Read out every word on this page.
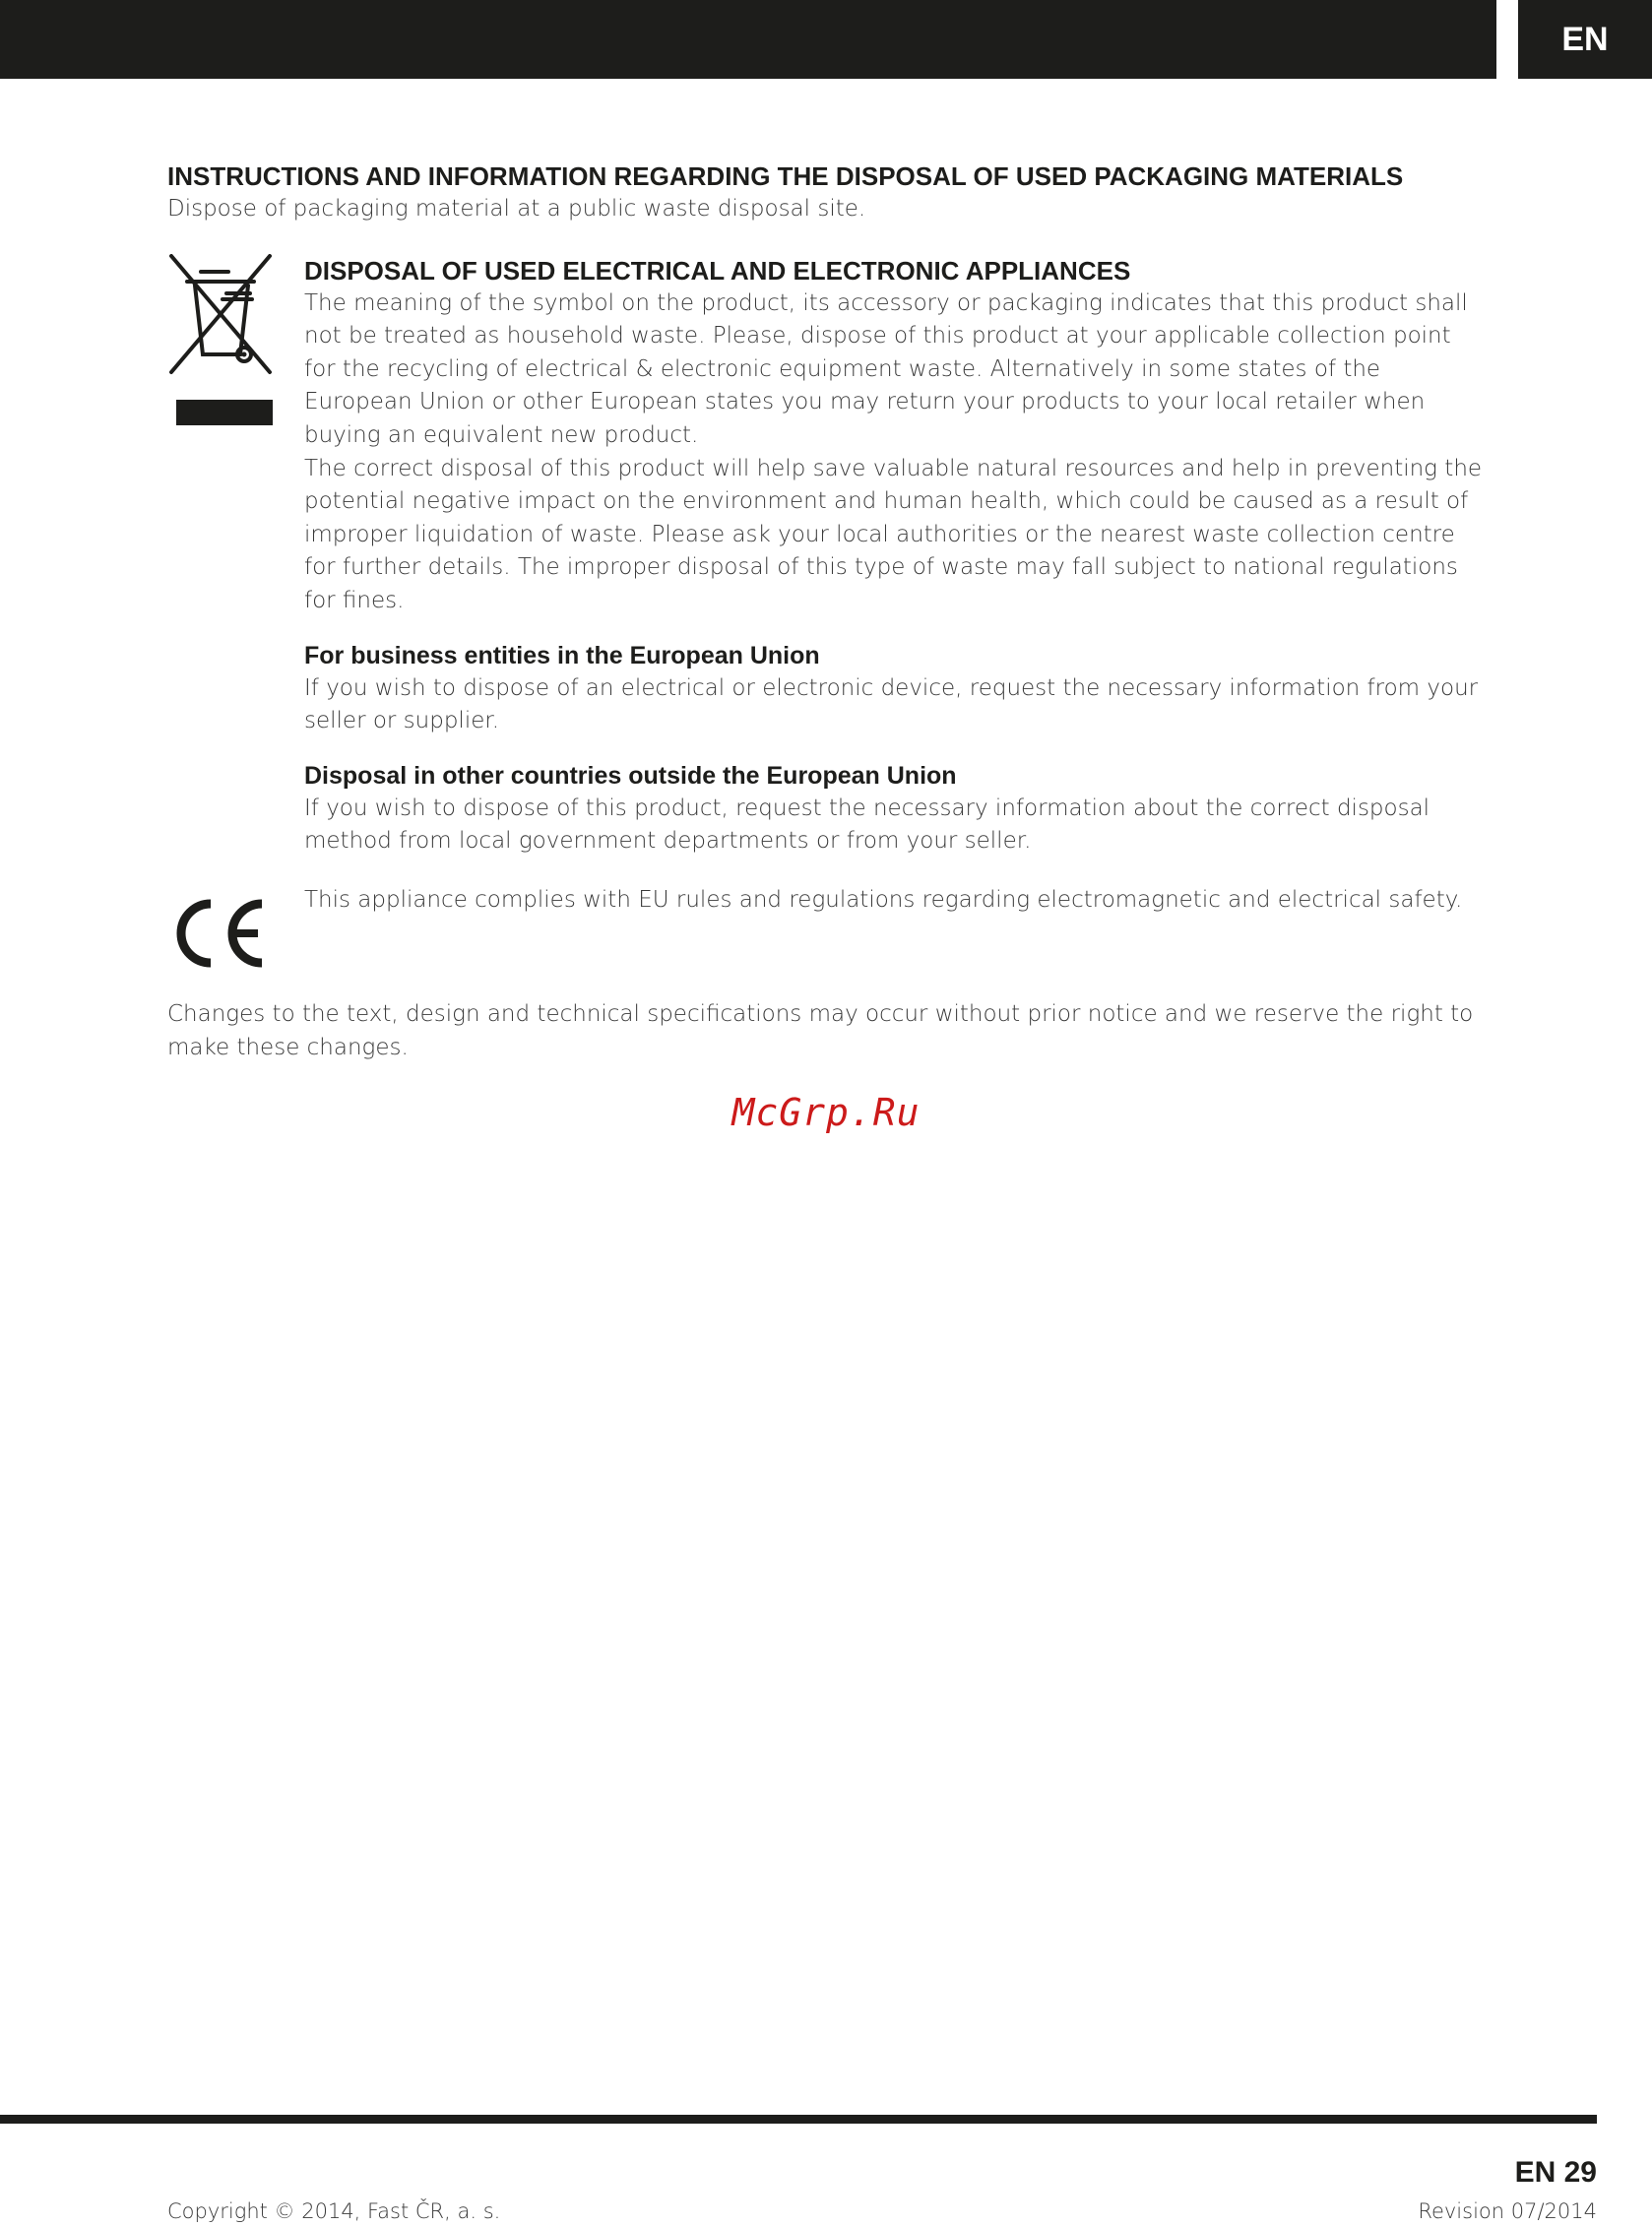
EN
INSTRUCTIONS AND INFORMATION REGARDING THE DISPOSAL OF USED PACKAGING MATERIALS
Dispose of packaging material at a public waste disposal site.
DISPOSAL OF USED ELECTRICAL AND ELECTRONIC APPLIANCES
The meaning of the symbol on the product, its accessory or packaging indicates that this product shall not be treated as household waste. Please, dispose of this product at your applicable collection point for the recycling of electrical & electronic equipment waste. Alternatively in some states of the European Union or other European states you may return your products to your local retailer when buying an equivalent new product.
The correct disposal of this product will help save valuable natural resources and help in preventing the potential negative impact on the environment and human health, which could be caused as a result of improper liquidation of waste. Please ask your local authorities or the nearest waste collection centre for further details. The improper disposal of this type of waste may fall subject to national regulations for fines.
For business entities in the European Union
If you wish to dispose of an electrical or electronic device, request the necessary information from your seller or supplier.
Disposal in other countries outside the European Union
If you wish to dispose of this product, request the necessary information about the correct disposal method from local government departments or from your seller.
This appliance complies with EU rules and regulations regarding electromagnetic and electrical safety.
Changes to the text, design and technical specifications may occur without prior notice and we reserve the right to make these changes.
McGrp.Ru
EN 29
Copyright © 2014, Fast ČR, a. s.	Revision 07/2014
